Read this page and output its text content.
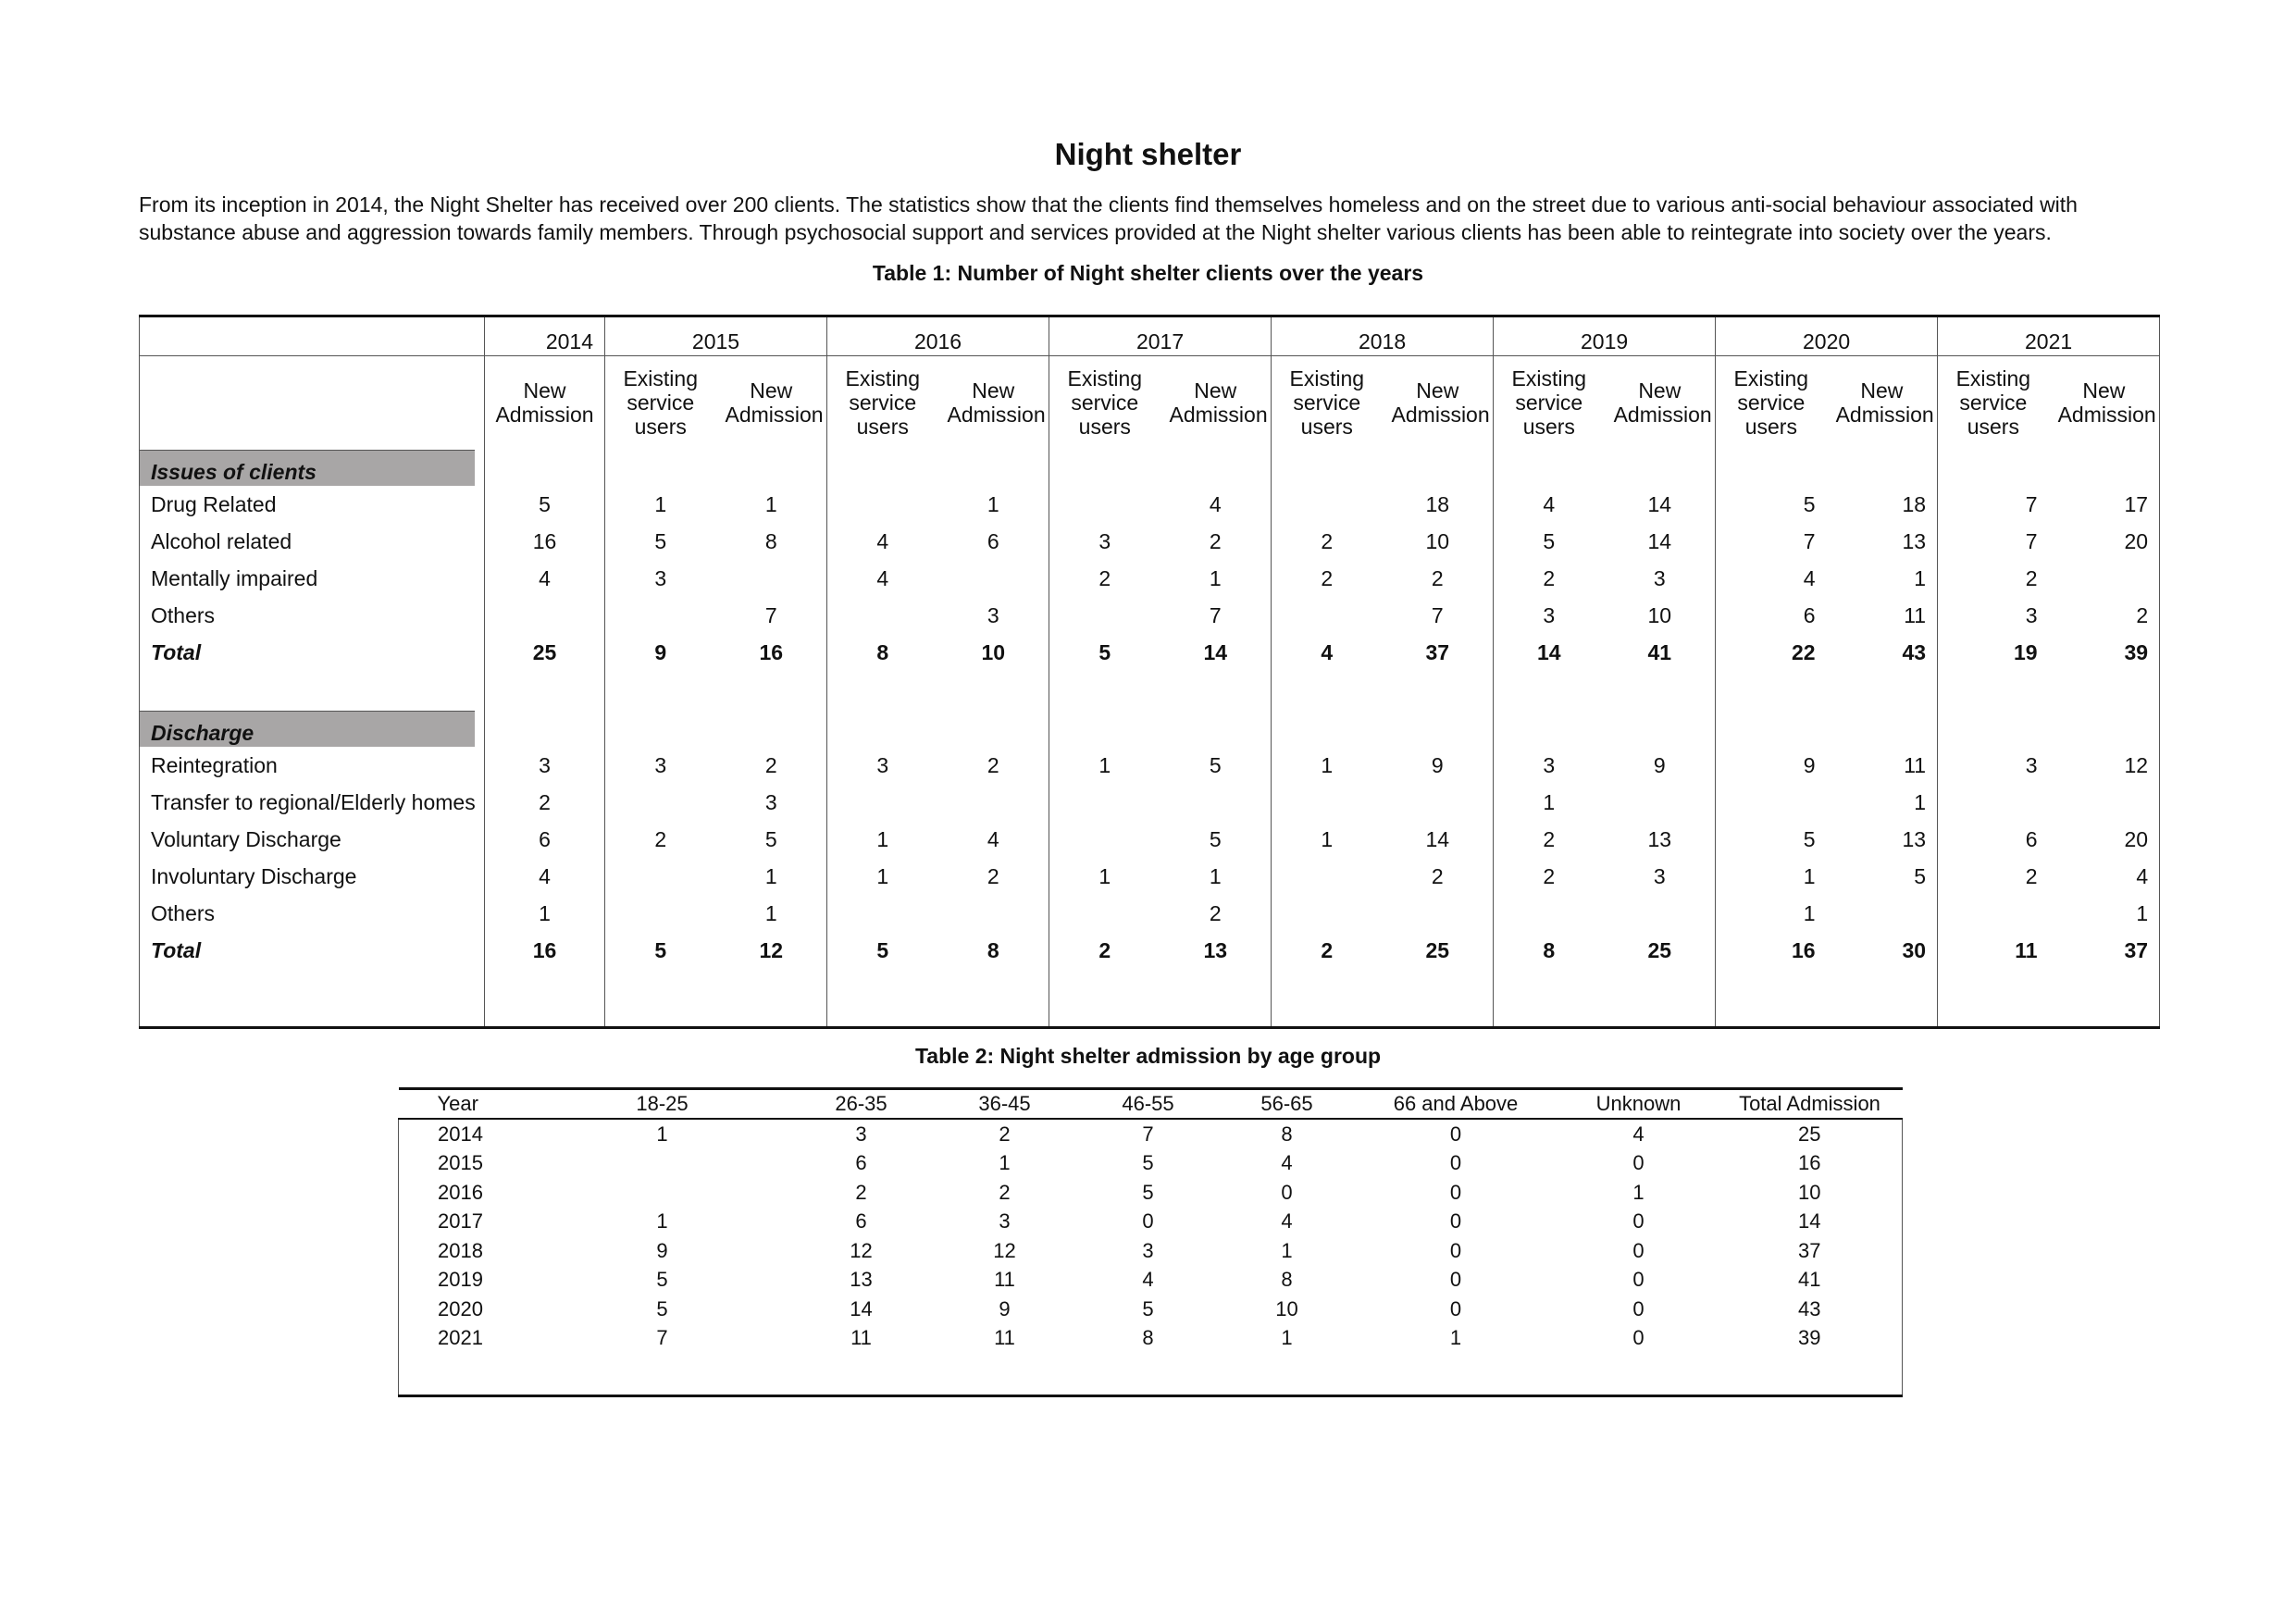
Night shelter
From its inception in 2014, the Night Shelter has received over 200 clients. The statistics show that the clients find themselves homeless and on the street due to various anti-social behaviour associated with substance abuse and aggression towards family members. Through psychosocial support and services provided at the Night shelter various clients has been able to reintegrate into society over the years.
Table 1: Number of Night shelter clients over the years
	2014	2015		2016		2017		2018		2019		2020		2021	
	New Admission	Existing service users	New Admission	Existing service users	New Admission	Existing service users	New Admission	Existing service users	New Admission	Existing service users	New Admission	Existing service users	New Admission	Existing service users	New Admission

Issues of clients															

Drug Related	5	1	1		1		4		18	4	14	5	18	7	17
Alcohol related	16	5	8	4	6	3	2	2	10	5	14	7	13	7	20
Mentally impaired	4	3		4		2	1	2	2	2	3	4	1	2	
Others			7		3		7		7	3	10	6	11	3	2
Total	25	9	16	8	10	5	14	4	37	14	41	22	43	19	39

Discharge															

Reintegration	3	3	2	3	2	1	5	1	9	3	9	9	11	3	12
Transfer to regional/Elderly homes	2		3							1			1		
Voluntary Discharge	6	2	5	1	4		5	1	14	2	13	5	13	6	20
Involuntary Discharge	4		1	1	2	1	1		2	2	3	1	5	2	4
Others	1		1				2					1			1
Total	16	5	12	5	8	2	13	2	25	8	25	16	30	11	37

Table 2: Night shelter admission by age group
Year	18-25	26-35	36-45	46-55	56-65	66 and Above	Unknown	Total Admission
2014	1	3	2	7	8	0	4	25
2015		6	1	5	4	0	0	16
2016		2	2	5	0	0	1	10
2017	1	6	3	0	4	0	0	14
2018	9	12	12	3	1	0	0	37
2019	5	13	11	4	8	0	0	41
2020	5	14	9	5	10	0	0	43
2021	7	11	11	8	1	1	0	39
